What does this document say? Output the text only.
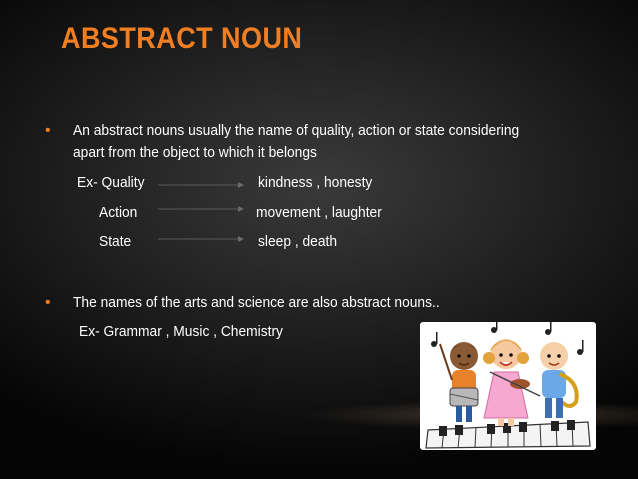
ABSTRACT NOUN
• An abstract nouns usually the name of quality, action or state considering
apart from the object to which it belongs
Ex- Quality	kindness , honesty
Action	movement , laughter
State	sleep , death
• The names of the arts and science are also abstract nouns..
Ex- Grammar , Music , Chemistry
